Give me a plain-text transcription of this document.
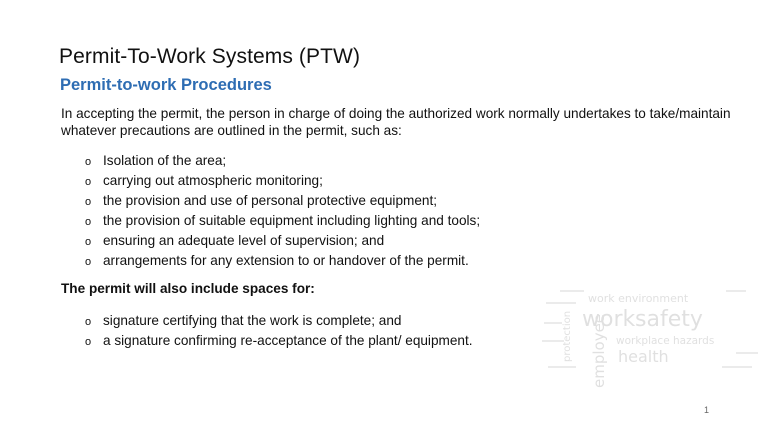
Permit-To-Work Systems (PTW)
Permit-to-work Procedures
In accepting the permit, the person in charge of doing the authorized work normally undertakes to take/maintain whatever precautions are outlined in the permit, such as:
o Isolation of the area;
o carrying out atmospheric monitoring;
o the provision and use of personal protective equipment;
o the provision of suitable equipment including lighting and tools;
o ensuring an adequate level of supervision; and
o arrangements for any extension to or handover of the permit.
The permit will also include spaces for:
o signature certifying that the work is complete; and
o a signature confirming re-acceptance of the plant/ equipment.
work environment
work safety
workplace hazards
health
employee
protection
1
